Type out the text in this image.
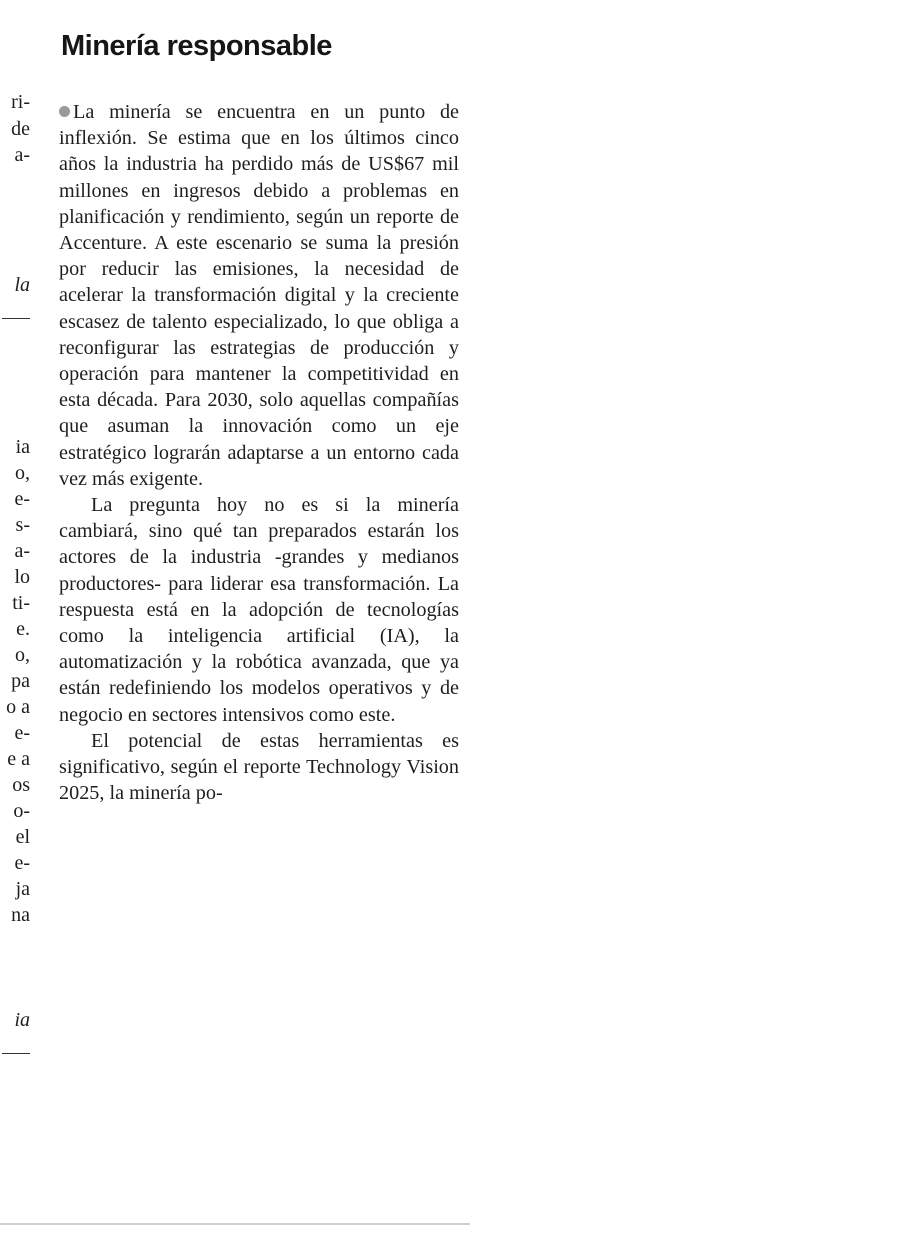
ri-
de
a-
la
ia
o,
e-
s-
a-
lo
ti-
e.
o,
pa
o a
e-
e a
os
o-
el
e-
ja
na
ia
Minería responsable

La minería se encuentra en un punto de inflexión. Se estima que en los últimos cinco años la industria ha perdido más de US$67 mil millones en ingresos debido a problemas en planificación y rendimiento, según un reporte de Accenture. A este escenario se suma la presión por reducir las emisiones, la necesidad de acelerar la transformación digital y la creciente escasez de talento especializado, lo que obliga a reconfigurar las estrategias de producción y operación para mantener la competitividad en esta década. Para 2030, solo aquellas compañías que asuman la innovación como un eje estratégico lograrán adaptarse a un entorno cada vez más exigente.

La pregunta hoy no es si la minería cambiará, sino qué tan preparados estarán los actores de la industria -grandes y medianos productores- para liderar esa transformación. La respuesta está en la adopción de tecnologías como la inteligencia artificial (IA), la automatización y la robótica avanzada, que ya están redefiniendo los modelos operativos y de negocio en sectores intensivos como este.

El potencial de estas herramientas es significativo, según el reporte Technology Vision 2025, la minería po-
